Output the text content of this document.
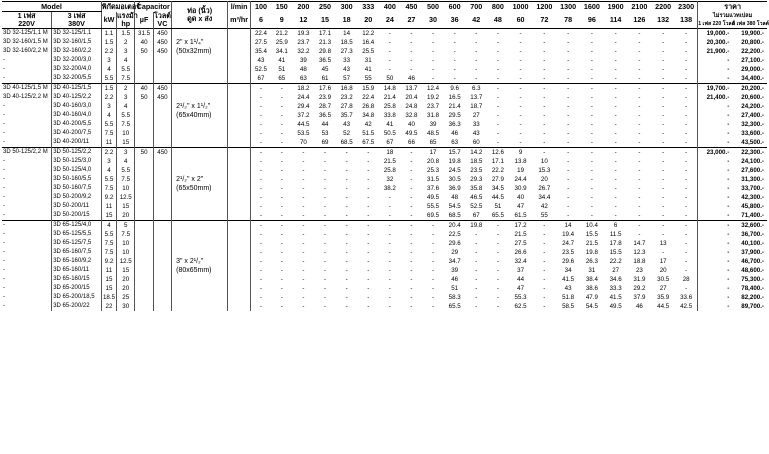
Model		พิกัดมอเตอร์		Capacitor		ท่อ (นิ้ว)
ดูด x ส่ง	l/min	100	150	200	250	300	333	400	450	500	600	700	800	1000	1200	1300	1600	1900	2100	2200	2300	ราคา	
1 เฟส	3 เฟส	kW	แรงม้า	µF	โวลต์		m³/hr	6	9	12	15	18	20	24	27	30	36	42	48	60	72	78	96	114	126	132	138	ไม่รวมแวทเปลม	
220V	380V		hp		VC																							1 เฟส 220 โวลต์	3 เฟส 380 โวลต์
3D 32-125/1,1 M	3D 32-125/1,1	1.1	1.5	31.5	450			22.4	21.2	19.3	17.1	14	12.2	-	-	-	-	-	-	-	-	-	-	-	-	-	-	19,000.-	19,900.-
3D 32-160/1,5 M	3D 32-160/1,5	1.5	2	40	450	2" x 1¹/₄"		27.5	25.9	23.7	21.3	18.5	16.4	-	-	-	-	-	-	-	-	-	-	-	-	-	-	20,300.-	20,800.-
3D 32-160/2,2 M	3D 32-160/2,2	2.2	3	50	450	(50x32mm)		35.4	34.1	32.2	29.8	27.3	25.5	-	-	-	-	-	-	-	-	-	-	-	-	-	-	21,900.-	22,200.-
-	3D 32-200/3,0	3	4					43	41	39	36.5	33	31	-	-	-	-	-	-	-	-	-	-	-	-	-	-	-	27,100.-
-	3D 32-200/4,0	4	5.5					52.5	51	48	45	43	41	-	-	-	-	-	-	-	-	-	-	-	-	-	-	-	29,000.-
-	3D 32-200/5,5	5.5	7.5					67	65	63	61	57	55	50	46	-	-	-	-	-	-	-	-	-	-	-	-	-	34,400.-
3D 40-125/1,5 M	3D 40-125/1,5	1.5	2	40	450			-	-	18.2	17.6	16.8	15.9	14.8	13.7	12.4	9.6	6.3	-	-	-	-	-	-	-	-	-	19,700.-	20,200.-
3D 40-125/2,2 M	3D 40-125/2,2	2.2	3	50	450			-	-	24.4	23.9	23.2	22.4	21.4	20.4	19.2	16.5	13.7	-	-	-	-	-	-	-	-	-	21,400.-	20,600.-
-	3D 40-160/3,0	3	4			2¹/₂" x 1¹/₂"		-	-	29.4	28.7	27.8	26.8	25.8	24.8	23.7	21.4	18.7	-	-	-	-	-	-	-	-	-	-	24,200.-
-	3D 40-160/4,0	4	5.5			(65x40mm)		-	-	37.2	36.5	35.7	34.8	33.8	32.8	31.8	29.5	27	-	-	-	-	-	-	-	-	-	-	27,400.-
-	3D 40-200/5,5	5.5	7.5					-	-	44.5	44	43	42	41	40	39	36.3	33	-	-	-	-	-	-	-	-	-	-	32,300.-
-	3D 40-200/7,5	7.5	10					-	-	53.5	53	52	51.5	50.5	49.5	48.5	46	43	-	-	-	-	-	-	-	-	-	-	33,600.-
-	3D 40-200/11	11	15					-	-	70	69	68.5	67.5	67	66	65	63	60	-	-	-	-	-	-	-	-	-	-	43,500.-
3D 50-125/2,2 M	3D 50-125/2,2	2.2	3	50	450			-	-	-	-	-	-	18	-	17	15.7	14.2	12.6	9	-	-	-	-	-	-	-	23,000.-	22,300.-
-	3D 50-125/3,0	3	4					-	-	-	-	-	-	21.5	-	20.8	19.8	18.5	17.1	13.8	10	-	-	-	-	-	-	-	24,100.-
-	3D 50-125/4,0	4	5.5					-	-	-	-	-	-	25.8	-	25.3	24.5	23.5	22.2	19	15.3	-	-	-	-	-	-	-	27,600.-
-	3D 50-160/5,5	5.5	7.5			2¹/₂" x 2"		-	-	-	-	-	-	32	-	31.5	30.5	29.3	27.9	24.4	20	-	-	-	-	-	-	-	31,300.-
-	3D 50-160/7,5	7.5	10			(65x50mm)		-	-	-	-	-	-	38.2	-	37.6	36.9	35.8	34.5	30.9	26.7	-	-	-	-	-	-	-	33,700.-
-	3D 50-200/9,2	9.2	12.5					-	-	-	-	-	-	-	-	49.5	48	46.5	44.5	40	34.4	-	-	-	-	-	-	-	42,300.-
-	3D 50-200/11	11	15					-	-	-	-	-	-	-	-	55.5	54.5	52.5	51	47	42	-	-	-	-	-	-	-	45,800.-
-	3D 50-200/15	15	20					-	-	-	-	-	-	-	-	69.5	68.5	67	65.5	61.5	55	-	-	-	-	-	-	-	71,400.-
-	3D 65-125/4,0	4	5					-	-	-	-	-	-	-	-	-	20.4	19.8	-	17.2	-	14	10.4	6	-	-	-	-	32,600.-
-	3D 65-125/5,5	5.5	7.5					-	-	-	-	-	-	-	-	-	22.5	-	-	21.5	-	19.4	15.5	11.5	-	-	-	-	36,700.-
-	3D 65-125/7,5	7.5	10					-	-	-	-	-	-	-	-	-	29.6	-	-	27.5	-	24.7	21.5	17.8	14.7	13	-	-	40,100.-
-	3D 65-160/7,5	7.5	10					-	-	-	-	-	-	-	-	-	29	-	-	26.6	-	23.5	19.8	15.5	12.3	-	-	-	37,900.-
-	3D 65-160/9,2	9.2	12.5			3" x 2¹/₂"		-	-	-	-	-	-	-	-	-	34.7	-	-	32.4	-	29.6	26.3	22.2	18.8	17	-	-	46,700.-
-	3D 65-160/11	11	15			(80x65mm)		-	-	-	-	-	-	-	-	-	39	-	-	37	-	34	31	27	23	20	-	-	48,600.-
-	3D 65-160/15	15	20					-	-	-	-	-	-	-	-	-	46	-	-	44	-	41.5	38.4	34.6	31.9	30.5	28	-	75,300.-
-	3D 65-200/15	15	20					-	-	-	-	-	-	-	-	-	51	-	-	47	-	43	38.6	33.3	29.2	27	-	-	78,400.-
-	3D 65-200/18,5	18.5	25					-	-	-	-	-	-	-	-	-	58.3	-	-	55.3	-	51.8	47.9	41.5	37.9	35.9	33.6	-	82,200.-
-	3D 65-200/22	22	30					-	-	-	-	-	-	-	-	-	65.5	-	-	62.5	-	58.5	54.5	49.5	46	44.5	42.5	-	89,700.-
